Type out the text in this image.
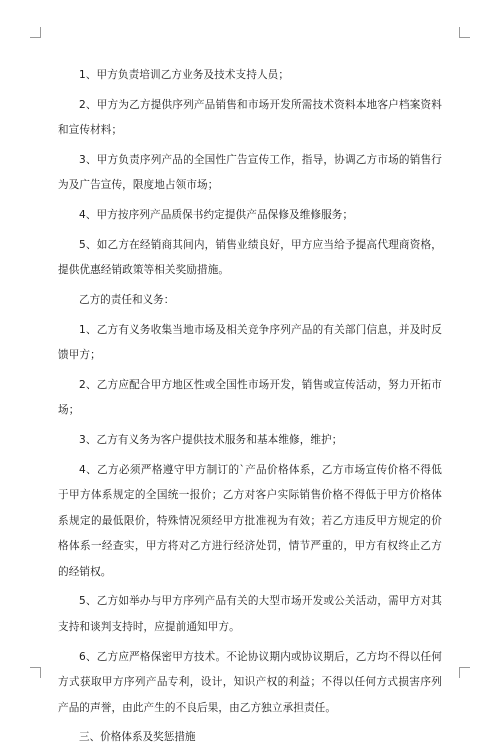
1、甲方负责培训乙方业务及技术支持人员；

2、甲方为乙方提供序列产品销售和市场开发所需技术资料本地客户档案资料和宣传材料；

3、甲方负责序列产品的全国性广告宣传工作，指导，协调乙方市场的销售行为及广告宣传，限度地占领市场；

4、甲方按序列产品质保书约定提供产品保修及维修服务；

5、如乙方在经销商其间内，销售业绩良好，甲方应当给予提高代理商资格，提供优惠经销政策等相关奖励措施。

乙方的责任和义务：

1、乙方有义务收集当地市场及相关竞争序列产品的有关部门信息，并及时反馈甲方；

2、乙方应配合甲方地区性或全国性市场开发，销售或宣传活动，努力开拓市场；

3、乙方有义务为客户提供技术服务和基本维修，维护；

4、乙方必须严格遵守甲方制订的`产品价格体系，乙方市场宣传价格不得低于甲方体系规定的全国统一报价；乙方对客户实际销售价格不得低于甲方价格体系规定的最低限价，特殊情况须经甲方批准视为有效；若乙方违反甲方规定的价格体系一经查实，甲方将对乙方进行经济处罚，情节严重的，甲方有权终止乙方的经销权。

5、乙方如举办与甲方序列产品有关的大型市场开发或公关活动，需甲方对其支持和谈判支持时，应提前通知甲方。

6、乙方应严格保密甲方技术。不论协议期内或协议期后，乙方均不得以任何方式获取甲方序列产品专利，设计，知识产权的利益；不得以任何方式损害序列产品的声誉，由此产生的不良后果，由乙方独立承担责任。

三、价格体系及奖惩措施
